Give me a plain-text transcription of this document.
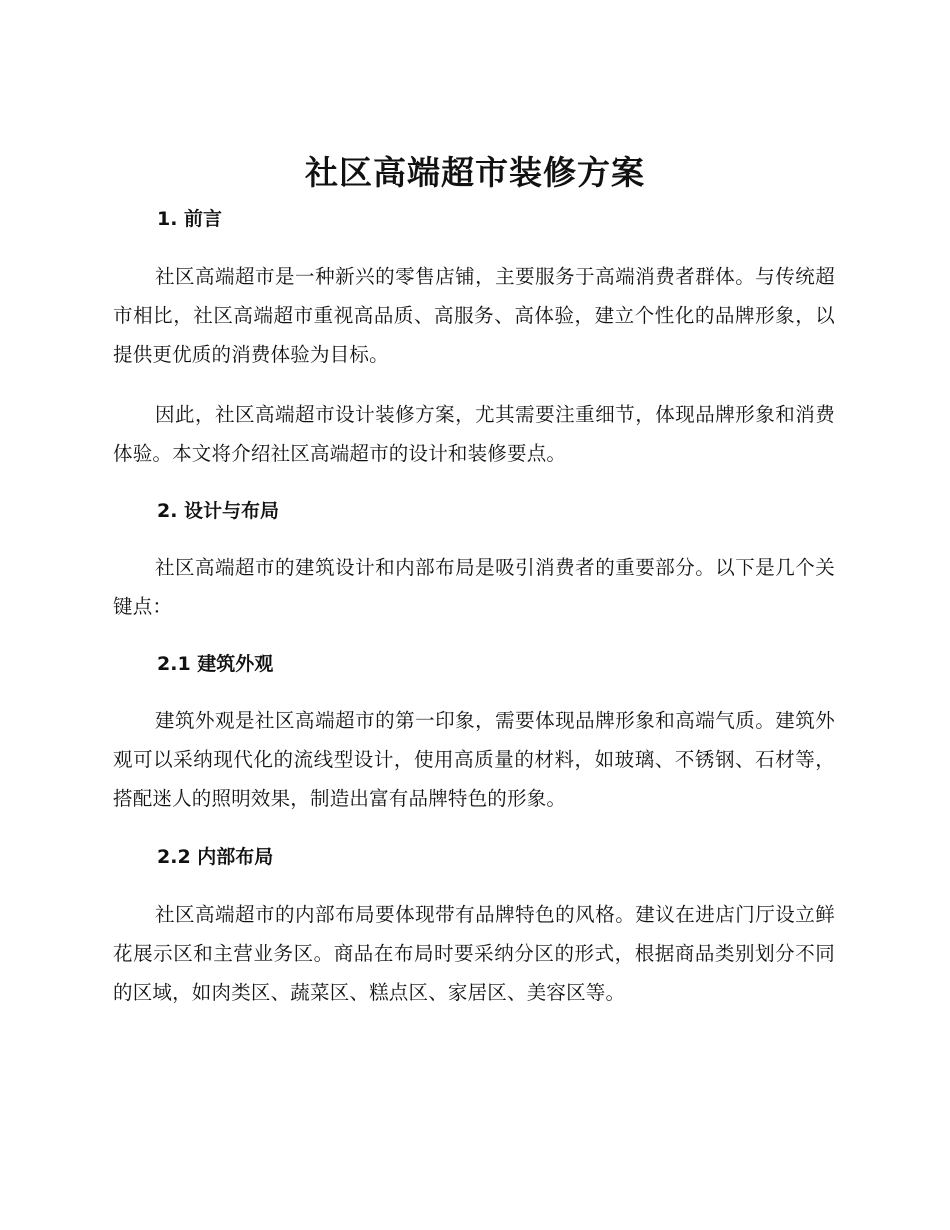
社区高端超市装修方案
1. 前言

社区高端超市是一种新兴的零售店铺，主要服务于高端消费者群体。与传统超市相比，社区高端超市重视高品质、高服务、高体验，建立个性化的品牌形象，以提供更优质的消费体验为目标。

因此，社区高端超市设计装修方案，尤其需要注重细节，体现品牌形象和消费体验。本文将介绍社区高端超市的设计和装修要点。

2. 设计与布局

社区高端超市的建筑设计和内部布局是吸引消费者的重要部分。以下是几个关键点：

2.1 建筑外观

建筑外观是社区高端超市的第一印象，需要体现品牌形象和高端气质。建筑外观可以采纳现代化的流线型设计，使用高质量的材料，如玻璃、不锈钢、石材等，搭配迷人的照明效果，制造出富有品牌特色的形象。

2.2 内部布局

社区高端超市的内部布局要体现带有品牌特色的风格。建议在进店门厅设立鲜花展示区和主营业务区。商品在布局时要采纳分区的形式，根据商品类别划分不同的区域，如肉类区、蔬菜区、糕点区、家居区、美容区等。
